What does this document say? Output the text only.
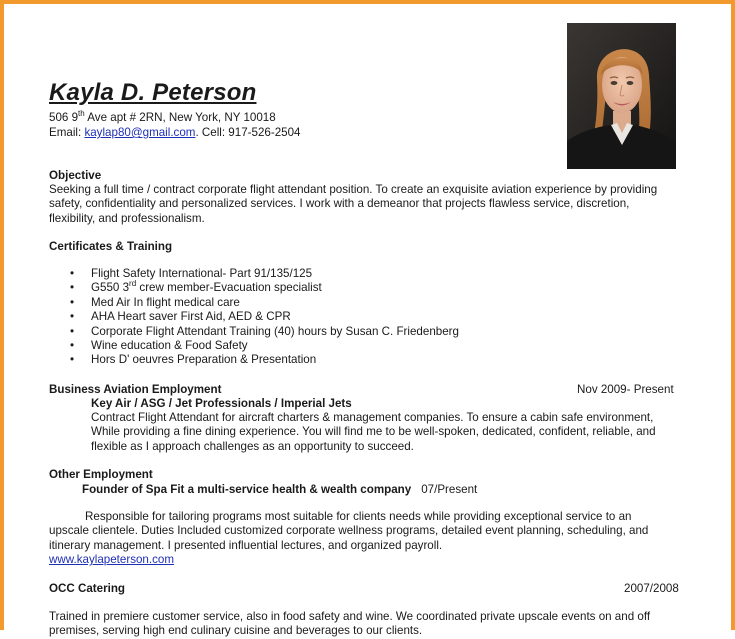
Kayla D. Peterson
506 9th Ave apt # 2RN, New York, NY 10018
Email: kaylap80@gmail.com. Cell: 917-526-2504
Objective
Seeking a full time / contract corporate flight attendant position. To create an exquisite aviation experience by providing
safety, confidentiality and personalized services. I work with a demeanor that projects flawless service, discretion,
flexibility, and professionalism.
Certificates & Training
• Flight Safety International- Part 91/135/125
• G550 3rd crew member-Evacuation specialist
• Med Air In flight medical care
• AHA Heart saver First Aid, AED & CPR
• Corporate Flight Attendant Training (40) hours by Susan C. Friedenberg
• Wine education & Food Safety
• Hors D' oeuvres Preparation & Presentation
Business Aviation Employment	Nov 2009- Present
Key Air / ASG / Jet Professionals / Imperial Jets
Contract Flight Attendant for aircraft charters & management companies. To ensure a cabin safe environment,
While providing a fine dining experience. You will find me to be well-spoken, dedicated, confident, reliable, and
flexible as I approach challenges as an opportunity to succeed.
Other Employment
Founder of Spa Fit a multi-service health & wealth company 07/Present
Responsible for tailoring programs most suitable for clients needs while providing exceptional service to an
upscale clientele. Duties Included customized corporate wellness programs, detailed event planning, scheduling, and
itinerary management. I presented influential lectures, and organized payroll.
www.kaylapeterson.com
OCC Catering	2007/2008
Trained in premiere customer service, also in food safety and wine. We coordinated private upscale events on and off
premises, serving high end culinary cuisine and beverages to our clients.
